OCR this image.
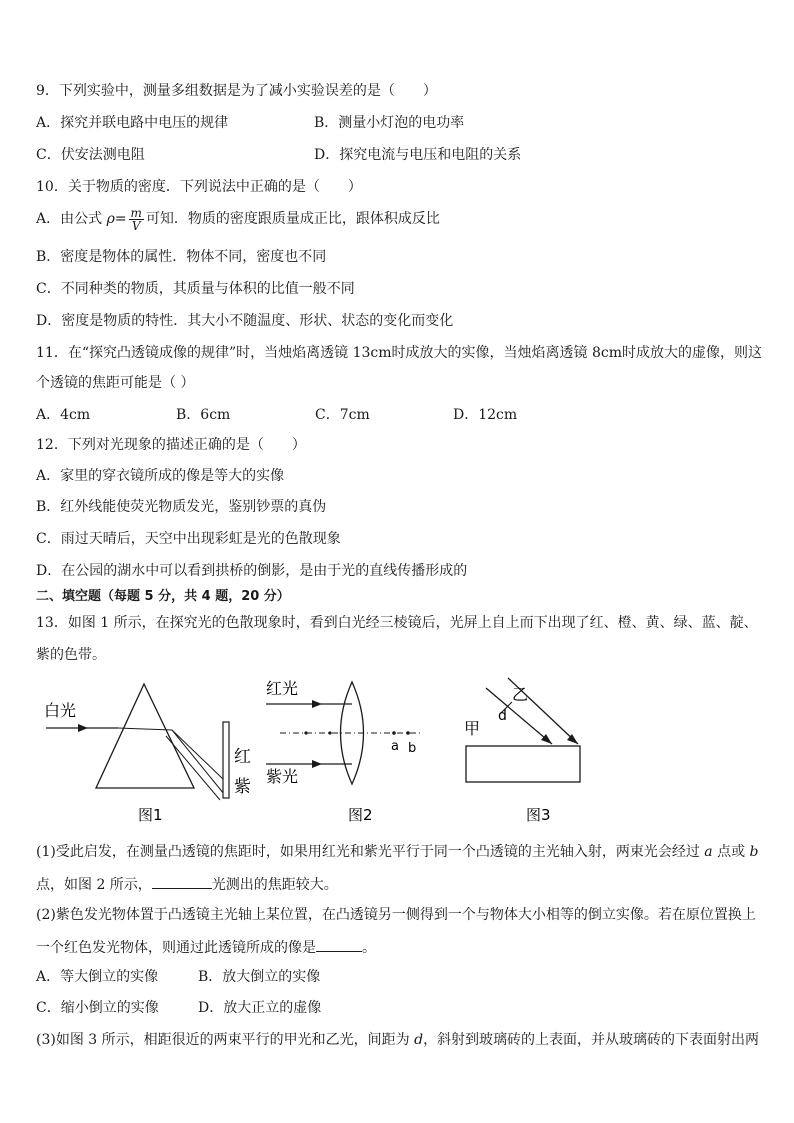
9．下列实验中，测量多组数据是为了减小实验误差的是（　　）
A．探究并联电路中电压的规律	B．测量小灯泡的电功率
C．伏安法测电阻	D．探究电流与电压和电阻的关系
10．关于物质的密度．下列说法中正确的是（　　）
A．由公式 $\rho= \frac{m}{V}$ 可知．物质的密度跟质量成正比，跟体积成反比
B．密度是物体的属性．物体不同，密度也不同
C．不同种类的物质，其质量与体积的比值一般不同
D．密度是物质的特性．其大小不随温度、形状、状态的变化而变化
11．在“探究凸透镜成像的规律”时，当烛焰离透镜 13cm时成放大的实像，当烛焰离透镜 8cm时成放大的虚像，则这
个透镜的焦距可能是（ ）
A．4cm	B．6cm	C．7cm	D．12cm
12．下列对光现象的描述正确的是（　　）
A．家里的穿衣镜所成的像是等大的实像
B．红外线能使荧光物质发光，鉴别钞票的真伪
C．雨过天晴后，天空中出现彩虹是光的色散现象
D．在公园的湖水中可以看到拱桥的倒影，是由于光的直线传播形成的
二、填空题（每题 5 分，共 4 题，20 分）
13．如图 1 所示，在探究光的色散现象时，看到白光经三棱镜后，光屏上自上而下出现了红、橙、黄、绿、蓝、靛、
紫的色带。
白光
红
紫
图1
红光
a b
紫光
图2
d
乙
甲
图3
(1)受此启发，在测量凸透镜的焦距时，如果用红光和紫光平行于同一个凸透镜的主光轴入射，两束光会经过 a 点或 b
点，如图 2 所示，	光测出的焦距较大。
(2)紫色发光物体置于凸透镜主光轴上某位置，在凸透镜另一侧得到一个与物体大小相等的倒立实像。若在原位置换上
一个红色发光物体，则通过此透镜所成的像是	。
A．等大倒立的实像	B．放大倒立的实像
C．缩小倒立的实像	D．放大正立的虚像
(3)如图 3 所示，相距很近的两束平行的甲光和乙光，间距为 d，斜射到玻璃砖的上表面，并从玻璃砖的下表面射出两
